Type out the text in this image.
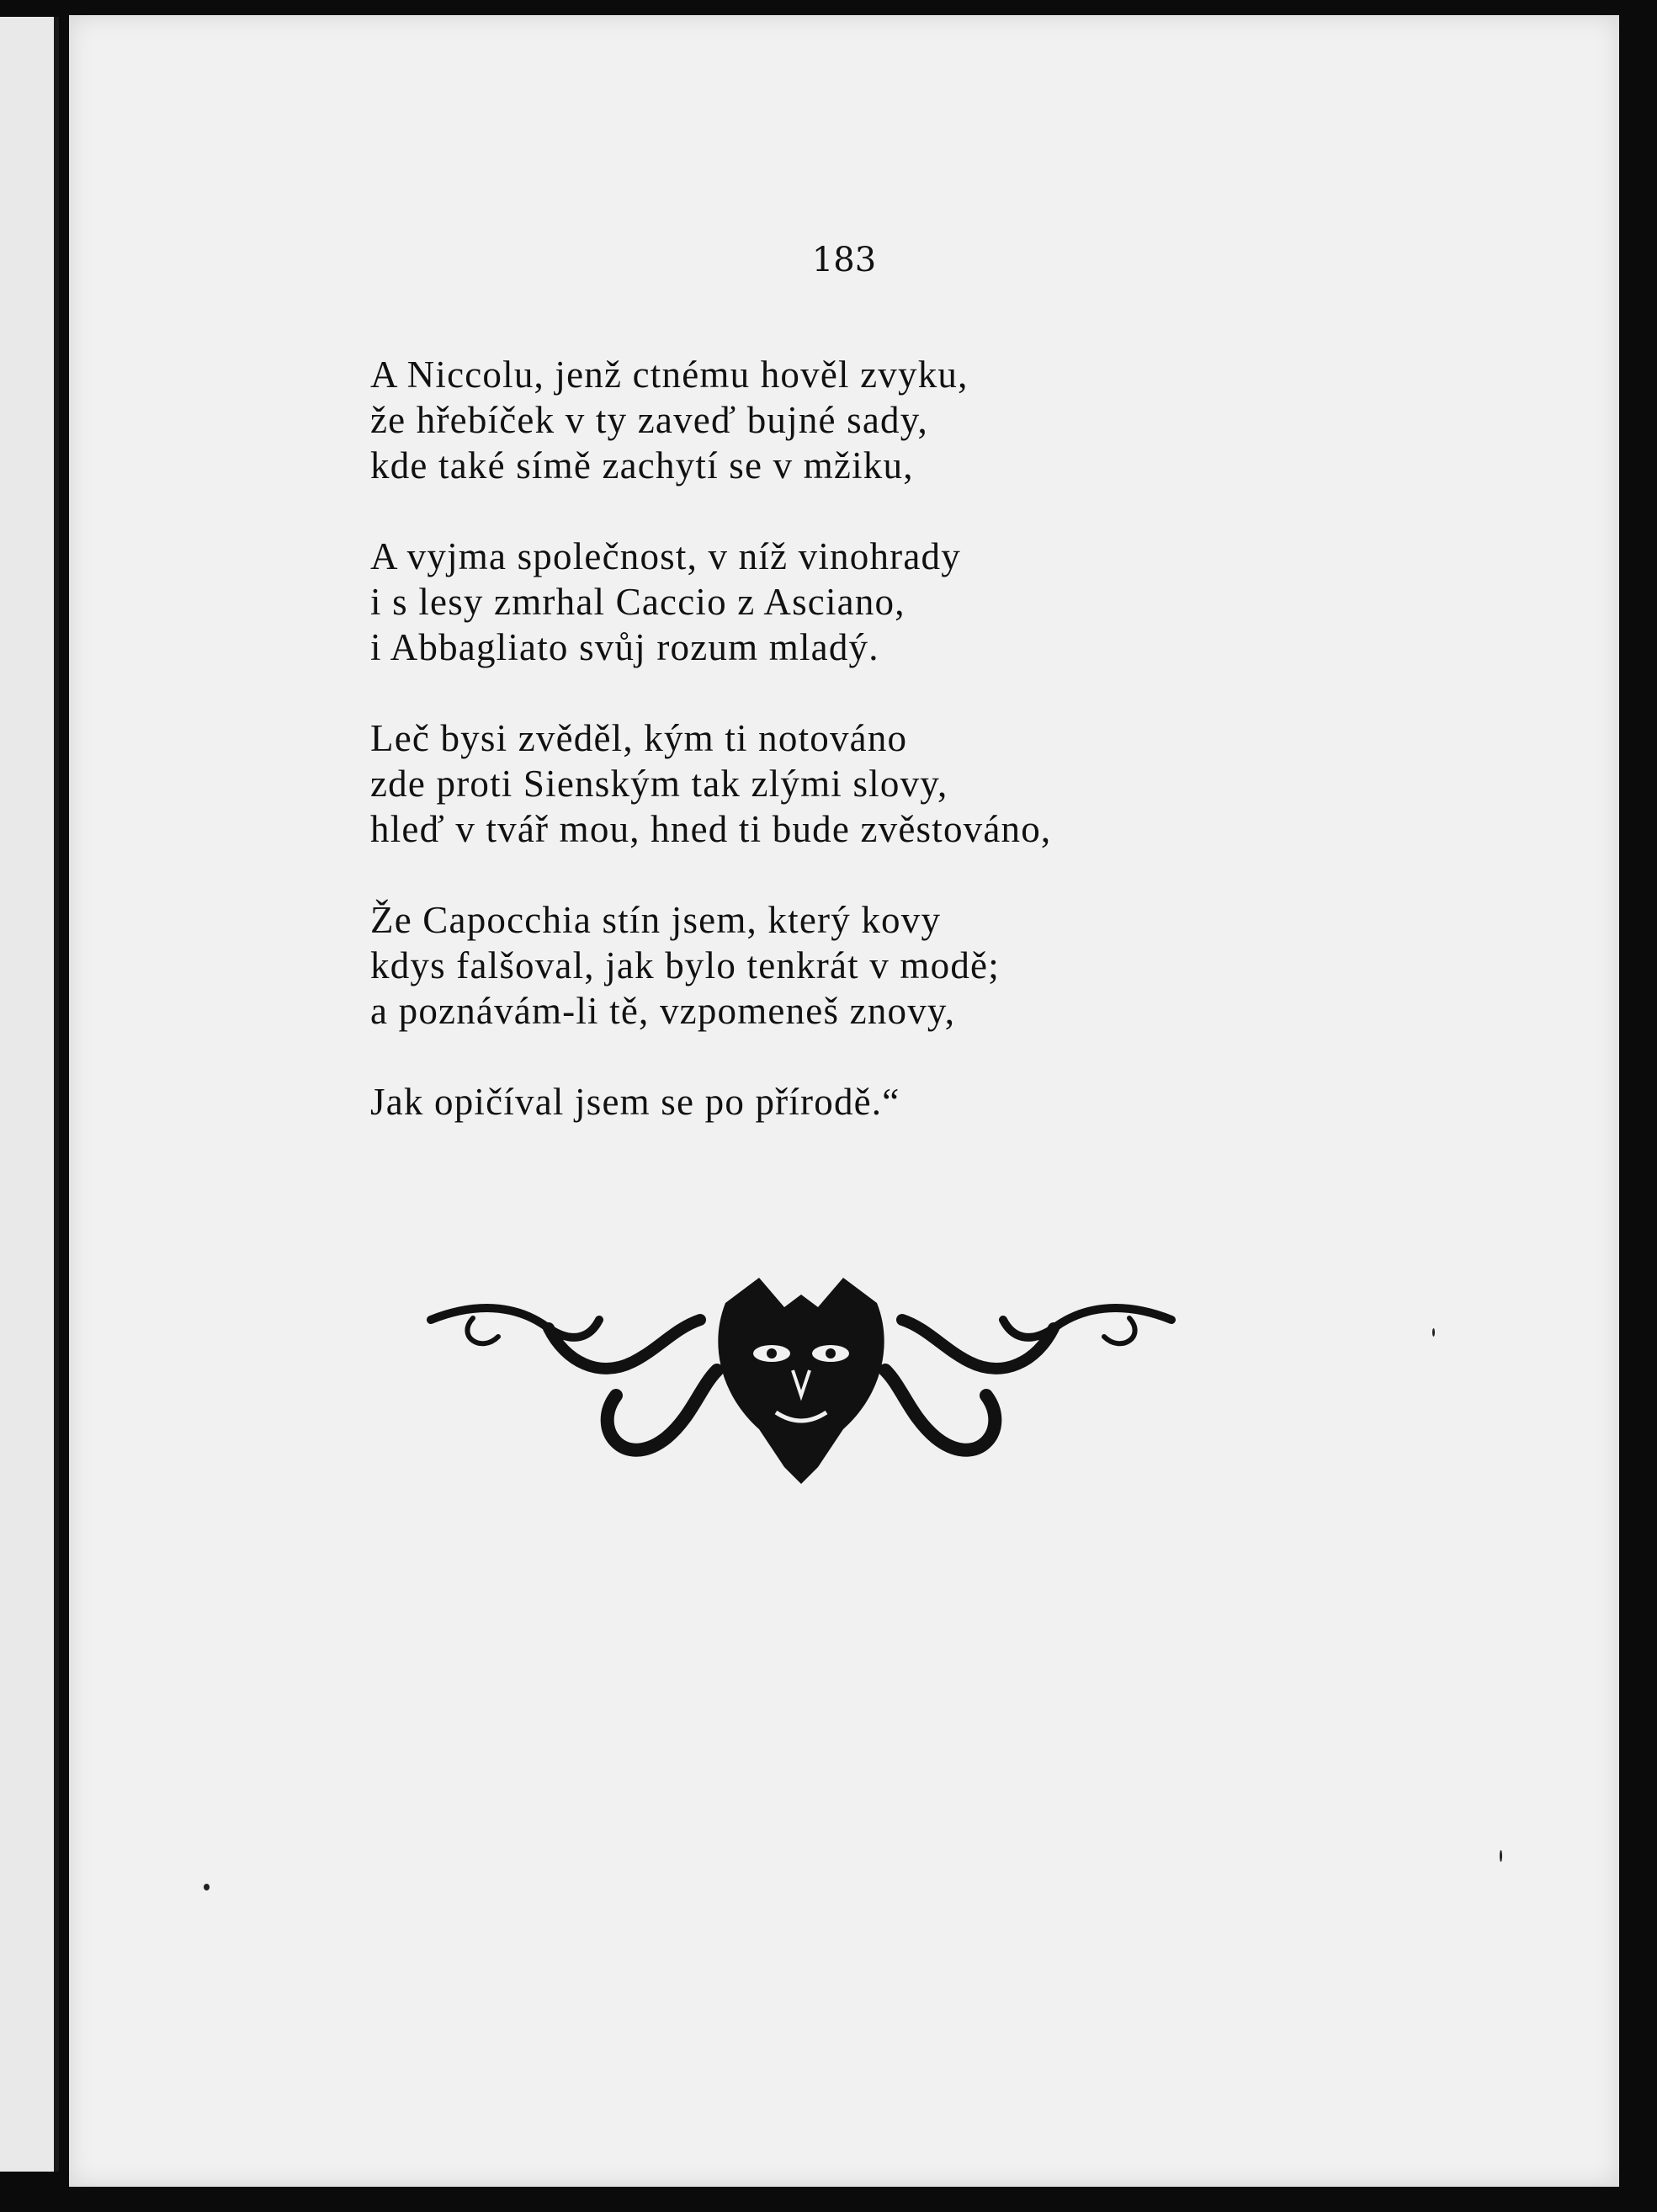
183
A Niccolu, jenž ctnému hověl zvyku,
že hřebíček v ty zaveď bujné sady,
kde také símě zachytí se v mžiku,
A vyjma společnost, v níž vinohrady
i s lesy zmrhal Caccio z Asciano,
i Abbagliato svůj rozum mladý.
Leč bysi zvěděl, kým ti notováno
zde proti Sienským tak zlými slovy,
hleď v tvář mou, hned ti bude zvěstováno,
Že Capocchia stín jsem, který kovy
kdys falšoval, jak bylo tenkrát v modě;
a poznávám-li tě, vzpomeneš znovy,
Jak opičíval jsem se po přírodě.“
